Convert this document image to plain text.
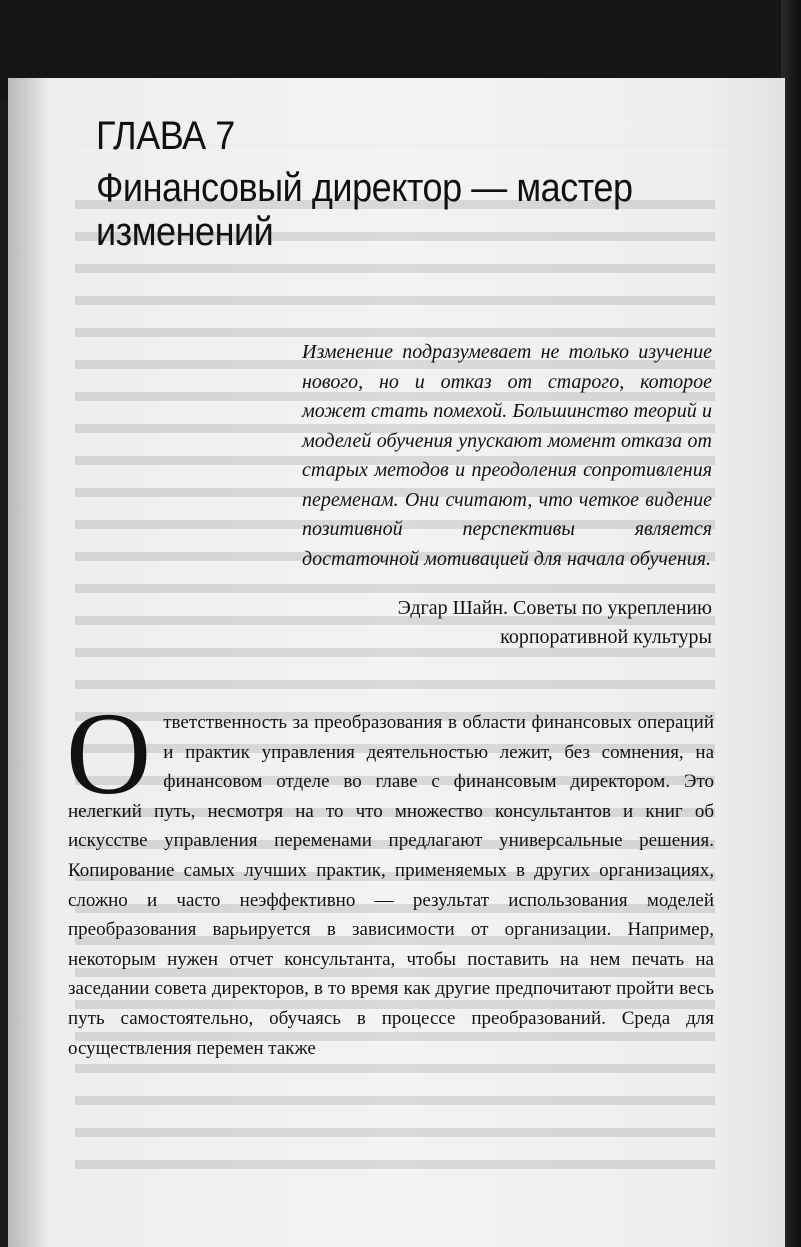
ГЛАВА 7
Финансовый директор — мастер изменений

Изменение подразумевает не только изучение нового, но и отказ от старого, которое может стать помехой. Большинство теорий и моделей обучения упускают момент отказа от старых методов и преодоления сопротивления переменам. Они считают, что четкое видение позитивной перспективы является достаточной мотивацией для начала обучения.

Эдгар Шайн. Советы по укреплению
корпоративной культуры

Ответственность за преобразования в области финансовых операций и практик управления деятельностью лежит, без сомнения, на финансовом отделе во главе с финансовым директором. Это нелегкий путь, несмотря на то что множество консультантов и книг об искусстве управления переменами предлагают универсальные решения. Копирование самых лучших практик, применяемых в других организациях, сложно и часто неэффективно — результат использования моделей преобразования варьируется в зависимости от организации. Например, некоторым нужен отчет консультанта, чтобы поставить на нем печать на заседании совета директоров, в то время как другие предпочитают пройти весь путь самостоятельно, обучаясь в процессе преобразований. Среда для осуществления перемен также
